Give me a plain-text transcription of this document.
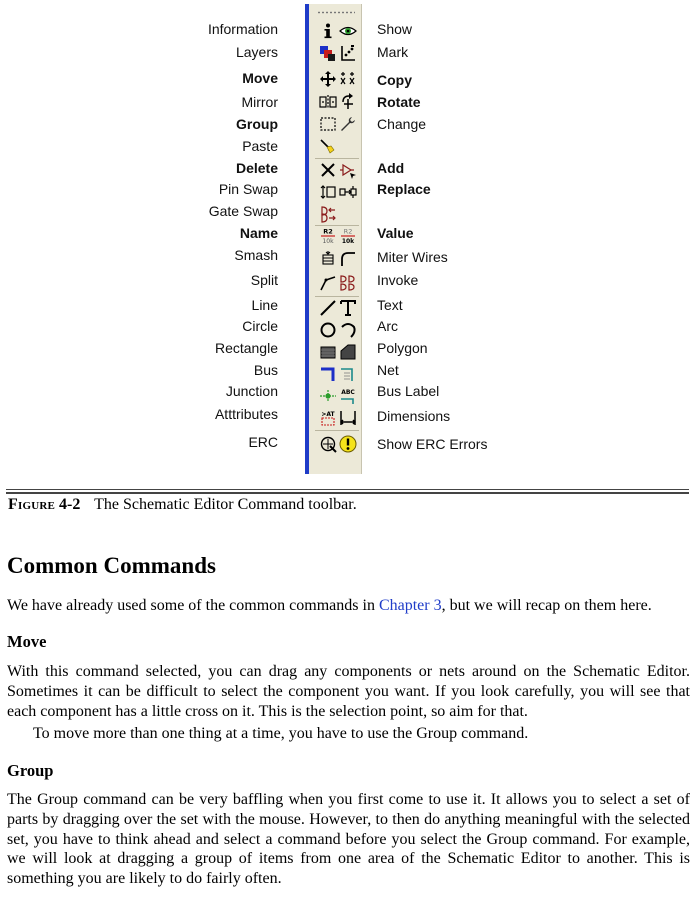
Information
Layers
Move
Mirror
Group
Paste
Delete
Pin Swap
Gate Swap
Name
Smash
Split
Line
Circle
Rectangle
Bus
Junction
Atttributes
ERC
Show
Mark
Copy
Rotate
Change
Add
Replace
Value
Miter Wires
Invoke
Text
Arc
Polygon
Net
Bus Label
Dimensions
Show ERC Errors
R2
10k
R2
10k
ABC
>AT
Figure 4-2 The Schematic Editor Command toolbar.
Common Commands

We have already used some of the common commands in Chapter 3, but we will recap on them here.

Move

With this command selected, you can drag any components or nets around on the Schematic Editor. Sometimes it can be difficult to select the component you want. If you look carefully, you will see that each component has a little cross on it. This is the selection point, so aim for that.

To move more than one thing at a time, you have to use the Group command.

Group

The Group command can be very baffling when you first come to use it. It allows you to select a set of parts by dragging over the set with the mouse. However, to then do anything meaningful with the selected set, you have to think ahead and select a command before you select the Group command. For example, we will look at dragging a group of items from one area of the Schematic Editor to another. This is something you are likely to do fairly often.
